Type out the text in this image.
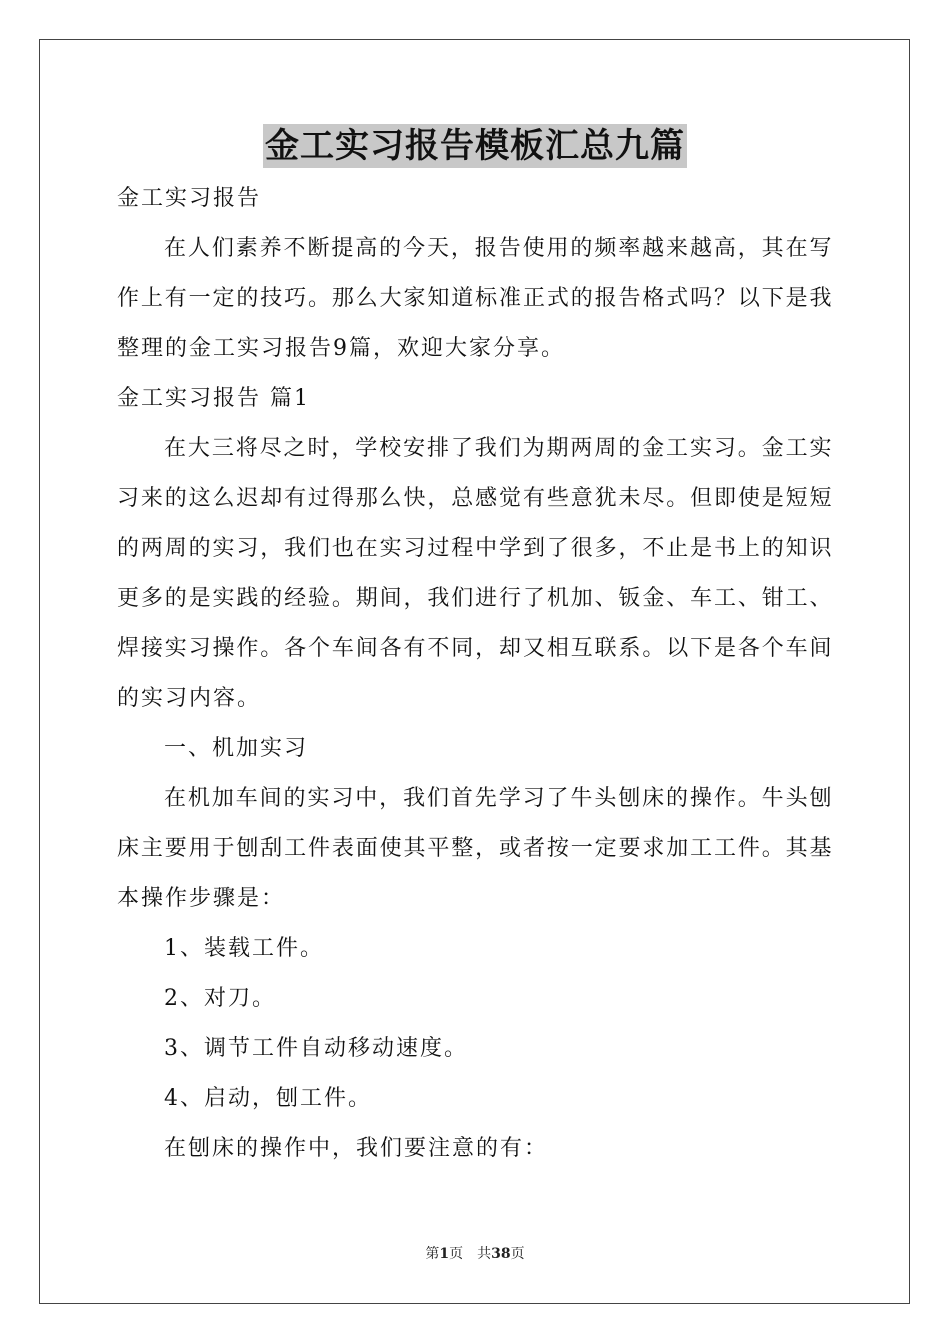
金工实习报告模板汇总九篇
金工实习报告
在人们素养不断提高的今天，报告使用的频率越来越高，其在写
作上有一定的技巧。那么大家知道标准正式的报告格式吗？以下是我
整理的金工实习报告9篇，欢迎大家分享。
金工实习报告 篇1
在大三将尽之时，学校安排了我们为期两周的金工实习。金工实
习来的这么迟却有过得那么快，总感觉有些意犹未尽。但即使是短短
的两周的实习，我们也在实习过程中学到了很多，不止是书上的知识
更多的是实践的经验。期间，我们进行了机加、钣金、车工、钳工、
焊接实习操作。各个车间各有不同，却又相互联系。以下是各个车间
的实习内容。
一、机加实习
在机加车间的实习中，我们首先学习了牛头刨床的操作。牛头刨
床主要用于刨刮工件表面使其平整，或者按一定要求加工工件。其基
本操作步骤是：
1、装载工件。
2、对刀。
3、调节工件自动移动速度。
4、启动，刨工件。
在刨床的操作中，我们要注意的有：
第1页　共38页
